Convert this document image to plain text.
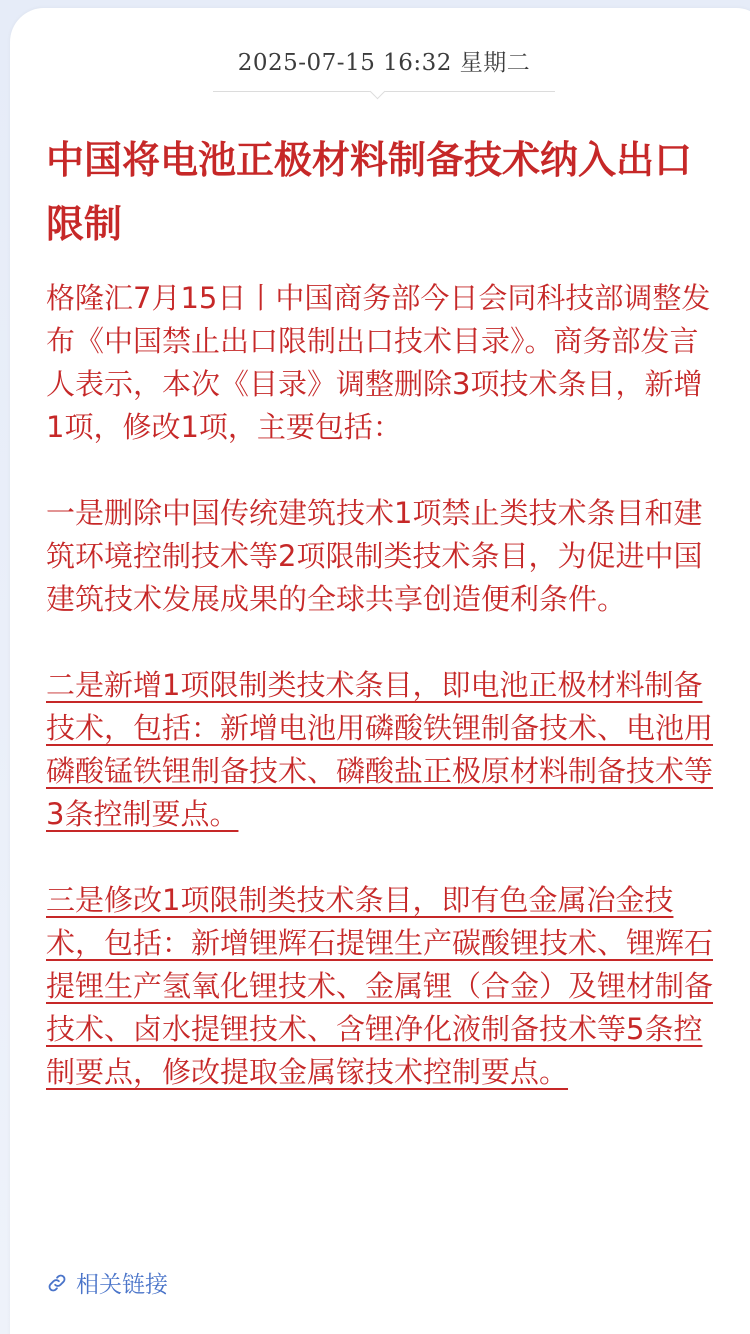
2025-07-15 16:32 星期二
中国将电池正极材料制备技术纳入出口限制

格隆汇7月15日丨中国商务部今日会同科技部调整发布《中国禁止出口限制出口技术目录》。商务部发言人表示，本次《目录》调整删除3项技术条目，新增1项，修改1项，主要包括：

一是删除中国传统建筑技术1项禁止类技术条目和建筑环境控制技术等2项限制类技术条目，为促进中国建筑技术发展成果的全球共享创造便利条件。

二是新增1项限制类技术条目，即电池正极材料制备技术，包括：新增电池用磷酸铁锂制备技术、电池用磷酸锰铁锂制备技术、磷酸盐正极原材料制备技术等3条控制要点。

三是修改1项限制类技术条目，即有色金属冶金技术，包括：新增锂辉石提锂生产碳酸锂技术、锂辉石提锂生产氢氧化锂技术、金属锂（合金）及锂材制备技术、卤水提锂技术、含锂净化液制备技术等5条控制要点，修改提取金属镓技术控制要点。

相关链接
